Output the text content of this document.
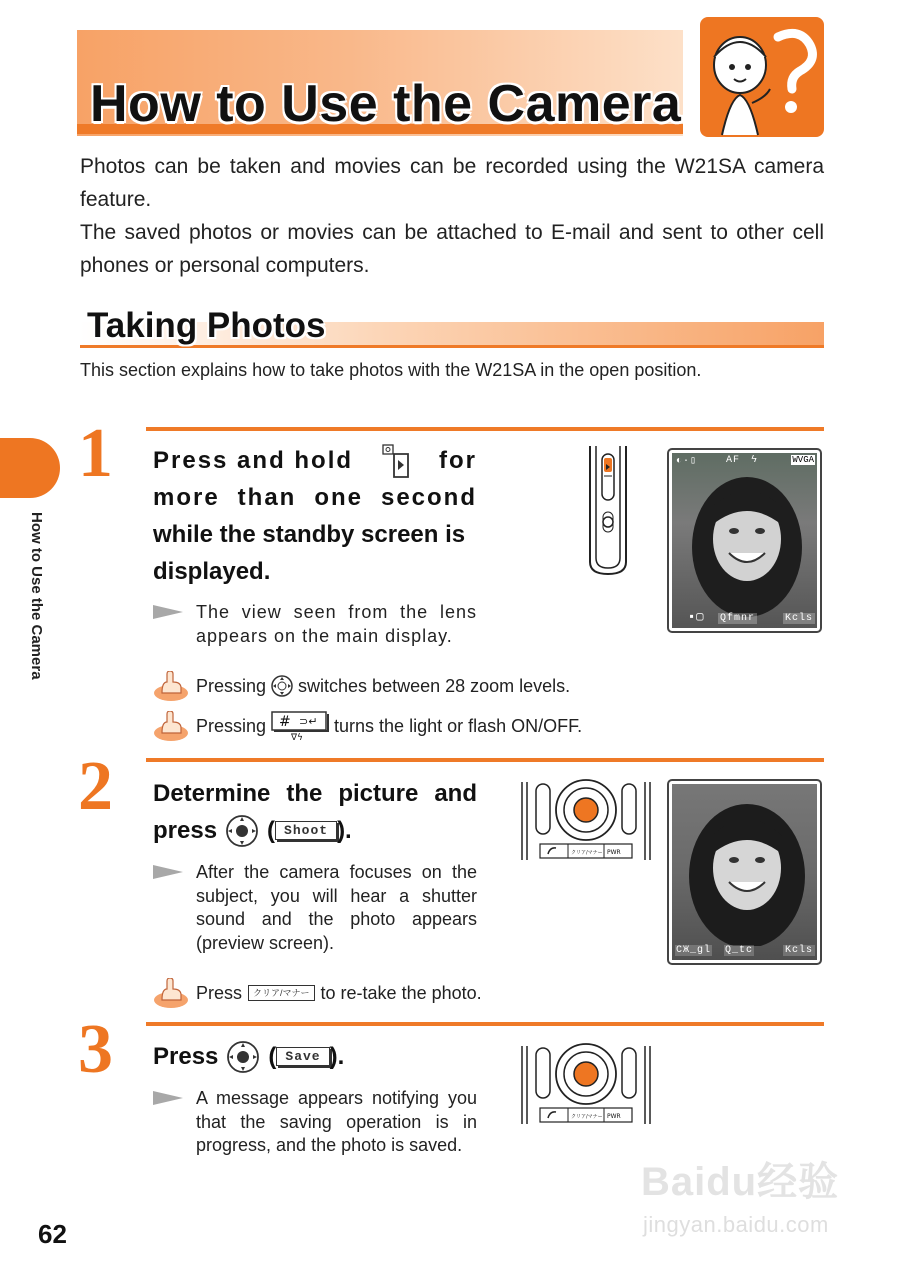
How to Use the Camera

Photos can be taken and movies can be recorded using the W21SA camera feature.

The saved photos or movies can be attached to E-mail and sent to other cell phones or personal computers.

Taking Photos
This section explains how to take photos with the W21SA in the open position.
How to Use the Camera
1 Press and hold	for
more than one second
while the standby screen is
displayed.
The view seen from the lens appears on the main display.
◐·▯	AF ϟ	WVGA
▪▢ Qfmnr	Kcls
Pressing switches between 28 zoom levels.
Pressing # ⊃↵
∇ϟ
turns the light or flash ON/OFF.
2 Determine the picture and
press ( Shoot ).
After the camera focuses on the subject, you will hear a shutter sound and the photo appears (preview screen).
クリア/マナー PWR
CЖ_gl Q_tc	Kcls
Press	クリア/マナー to re-take the photo.
3 Press ( Save ).
A message appears notifying you that the saving operation is in progress, and the photo is saved.
クリア/マナー PWR
62
Baidu经验
jingyan.baidu.com
